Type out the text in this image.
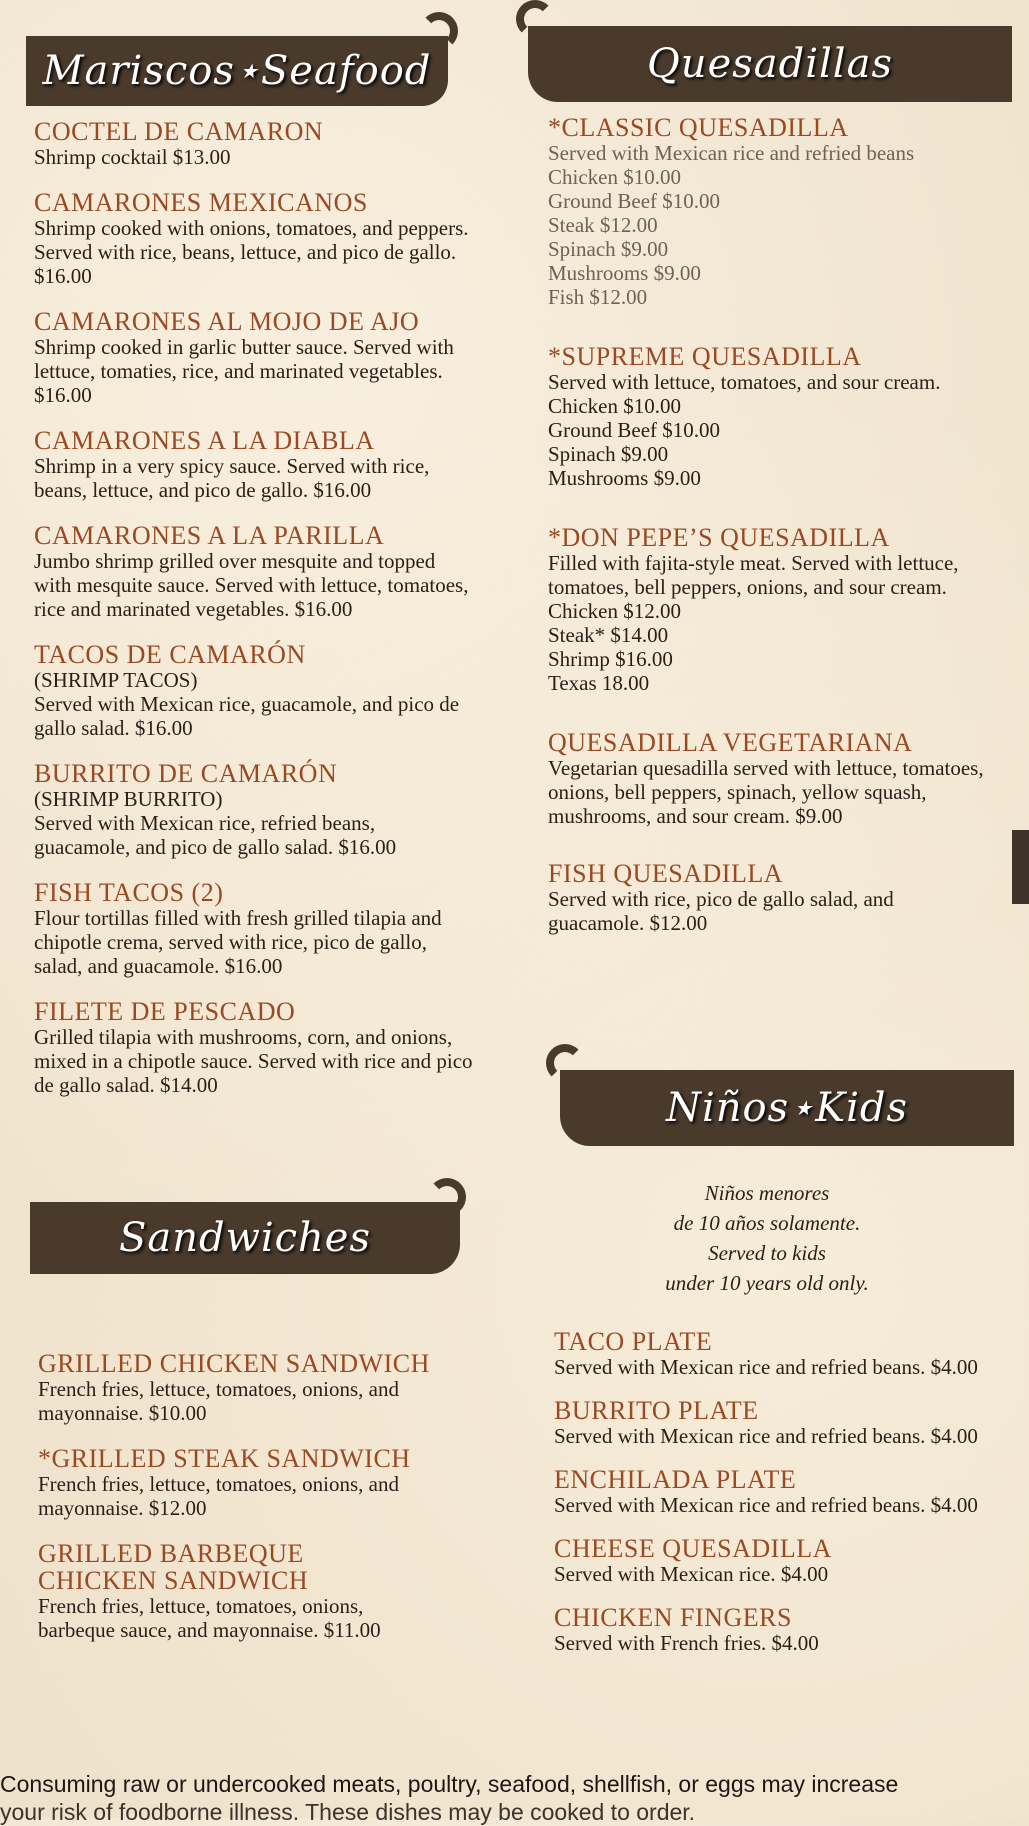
Mariscos⋆Seafood	Quesadillas
Sandwiches
Niños⋆Kids
COCTEL DE CAMARON
Shrimp cocktail $13.00
CAMARONES MEXICANOS
Shrimp cooked with onions, tomatoes, and peppers. Served with rice, beans, lettuce, and pico de gallo. $16.00
CAMARONES AL MOJO DE AJO
Shrimp cooked in garlic butter sauce. Served with lettuce, tomaties, rice, and marinated vegetables. $16.00
CAMARONES A LA DIABLA
Shrimp in a very spicy sauce. Served with rice, beans, lettuce, and pico de gallo. $16.00
CAMARONES A LA PARILLA
Jumbo shrimp grilled over mesquite and topped with mesquite sauce. Served with lettuce, tomatoes, rice and marinated vegetables. $16.00
TACOS DE CAMARÓN
(SHRIMP TACOS)
Served with Mexican rice, guacamole, and pico de gallo salad. $16.00
BURRITO DE CAMARÓN
(SHRIMP BURRITO)
Served with Mexican rice, refried beans, guacamole, and pico de gallo salad. $16.00
FISH TACOS (2)
Flour tortillas filled with fresh grilled tilapia and chipotle crema, served with rice, pico de gallo, salad, and guacamole. $16.00
FILETE DE PESCADO
Grilled tilapia with mushrooms, corn, and onions, mixed in a chipotle sauce. Served with rice and pico de gallo salad. $14.00
GRILLED CHICKEN SANDWICH
French fries, lettuce, tomatoes, onions, and mayonnaise. $10.00
*GRILLED STEAK SANDWICH
French fries, lettuce, tomatoes, onions, and mayonnaise. $12.00
GRILLED BARBEQUE CHICKEN SANDWICH
French fries, lettuce, tomatoes, onions, barbeque sauce, and mayonnaise. $11.00
*CLASSIC QUESADILLA
Served with Mexican rice and refried beans
Chicken $10.00
Ground Beef $10.00
Steak $12.00
Spinach $9.00
Mushrooms $9.00
Fish $12.00
*SUPREME QUESADILLA
Served with lettuce, tomatoes, and sour cream.
Chicken $10.00
Ground Beef $10.00
Spinach $9.00
Mushrooms $9.00
*DON PEPE’S QUESADILLA
Filled with fajita-style meat. Served with lettuce, tomatoes, bell peppers, onions, and sour cream.
Chicken $12.00
Steak* $14.00
Shrimp $16.00
Texas 18.00
QUESADILLA VEGETARIANA
Vegetarian quesadilla served with lettuce, tomatoes, onions, bell peppers, spinach, yellow squash, mushrooms, and sour cream. $9.00
FISH QUESADILLA
Served with rice, pico de gallo salad, and guacamole. $12.00
Niños menores
de 10 años solamente.
Served to kids
under 10 years old only.
TACO PLATE
Served with Mexican rice and refried beans. $4.00
BURRITO PLATE
Served with Mexican rice and refried beans. $4.00
ENCHILADA PLATE
Served with Mexican rice and refried beans. $4.00
CHEESE QUESADILLA
Served with Mexican rice. $4.00
CHICKEN FINGERS
Served with French fries. $4.00
Consuming raw or undercooked meats, poultry, seafood, shellfish, or eggs may increase
your risk of foodborne illness. These dishes may be cooked to order.
